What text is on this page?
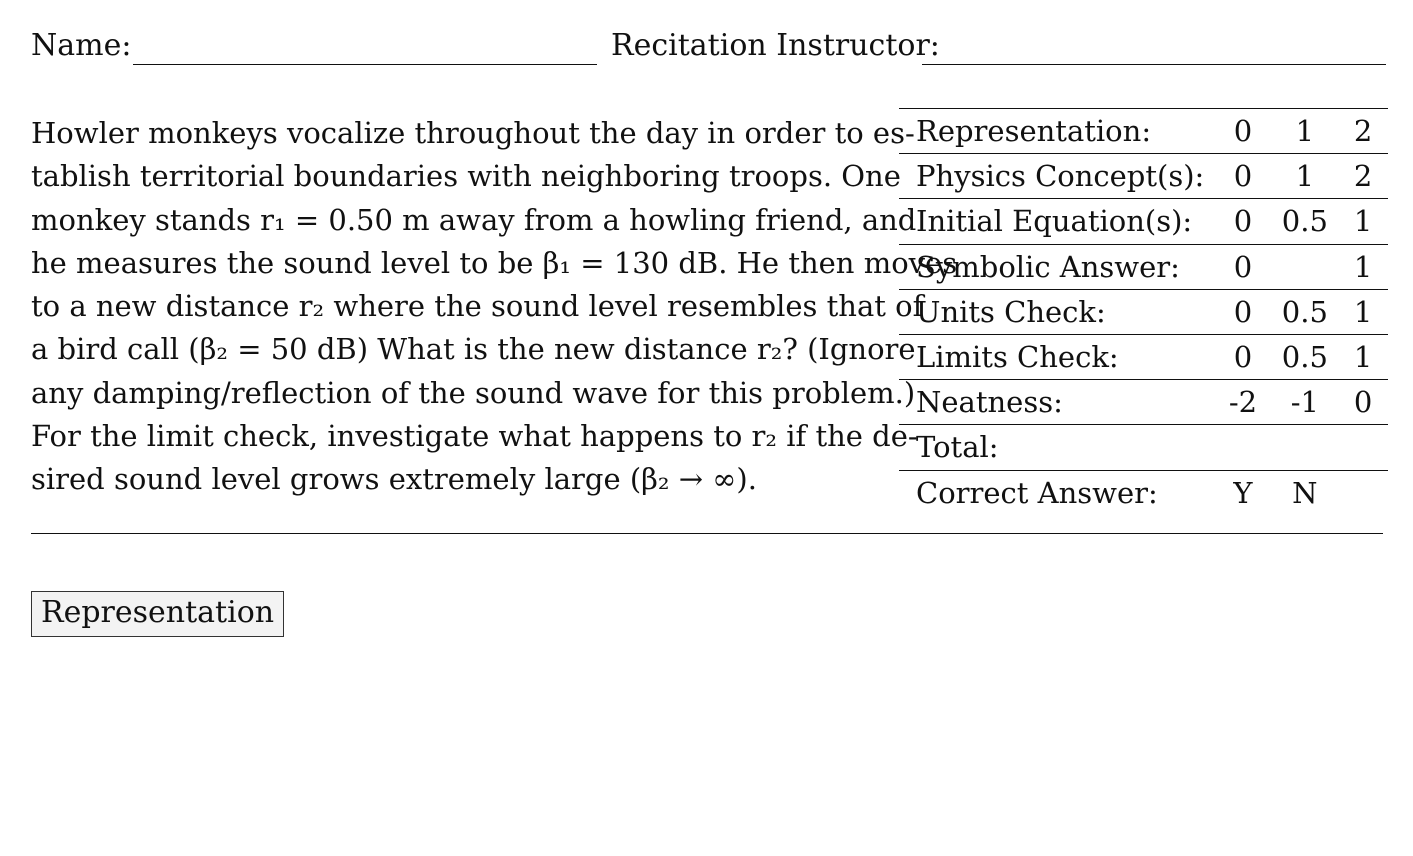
Name:	Recitation Instructor:
Howler monkeys vocalize throughout the day in order to es-
tablish territorial boundaries with neighboring troops. One
monkey stands r₁ = 0.50 m away from a howling friend, and
he measures the sound level to be β₁ = 130 dB. He then moves
to a new distance r₂ where the sound level resembles that of
a bird call (β₂ = 50 dB) What is the new distance r₂? (Ignore
any damping/reflection of the sound wave for this problem.)
For the limit check, investigate what happens to r₂ if the de-
sired sound level grows extremely large (β₂ → ∞).
Representation:	0	1	2
Physics Concept(s):	0	1	2
Initial Equation(s):	0	0.5	1
Symbolic Answer:	0		1
Units Check:	0	0.5	1
Limits Check:	0	0.5	1
Neatness:	-2	-1	0
Total:			
Correct Answer:	Y	N	
Representation
